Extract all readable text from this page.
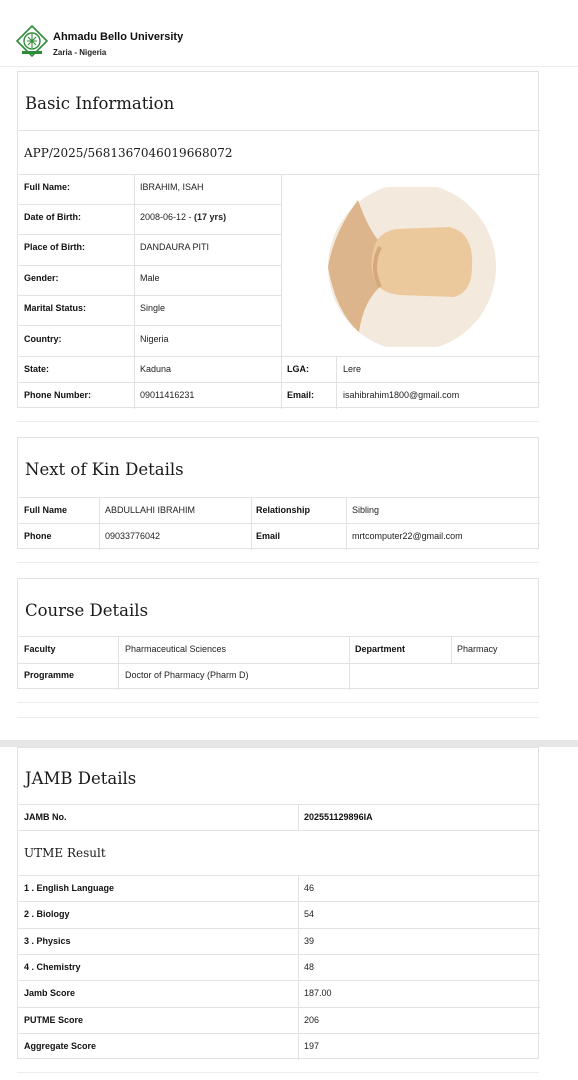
Ahmadu Bello University
Zaria - Nigeria
Basic Information
APP/2025/5681367046019668072
Full Name:	IBRAHIM, ISAH
Date of Birth:	2008-06-12 - (17 yrs)
Place of Birth:	DANDAURA PITI
Gender:	Male
Marital Status:	Single
Country:	Nigeria
State:	Kaduna	LGA:	Lere
Phone Number:	09011416231	Email:	isahibrahim1800@gmail.com
Next of Kin Details
Full Name	ABDULLAHI IBRAHIM	Relationship	Sibling
Phone	09033776042	Email	mrtcomputer22@gmail.com
Course Details
Faculty	Pharmaceutical Sciences	Department	Pharmacy
Programme	Doctor of Pharmacy (Pharm D)
JAMB Details
JAMB No.	202551129896IA
UTME Result
1 . English Language	46
2 . Biology	54
3 . Physics	39
4 . Chemistry	48
Jamb Score	187.00
PUTME Score	206
Aggregate Score	197
